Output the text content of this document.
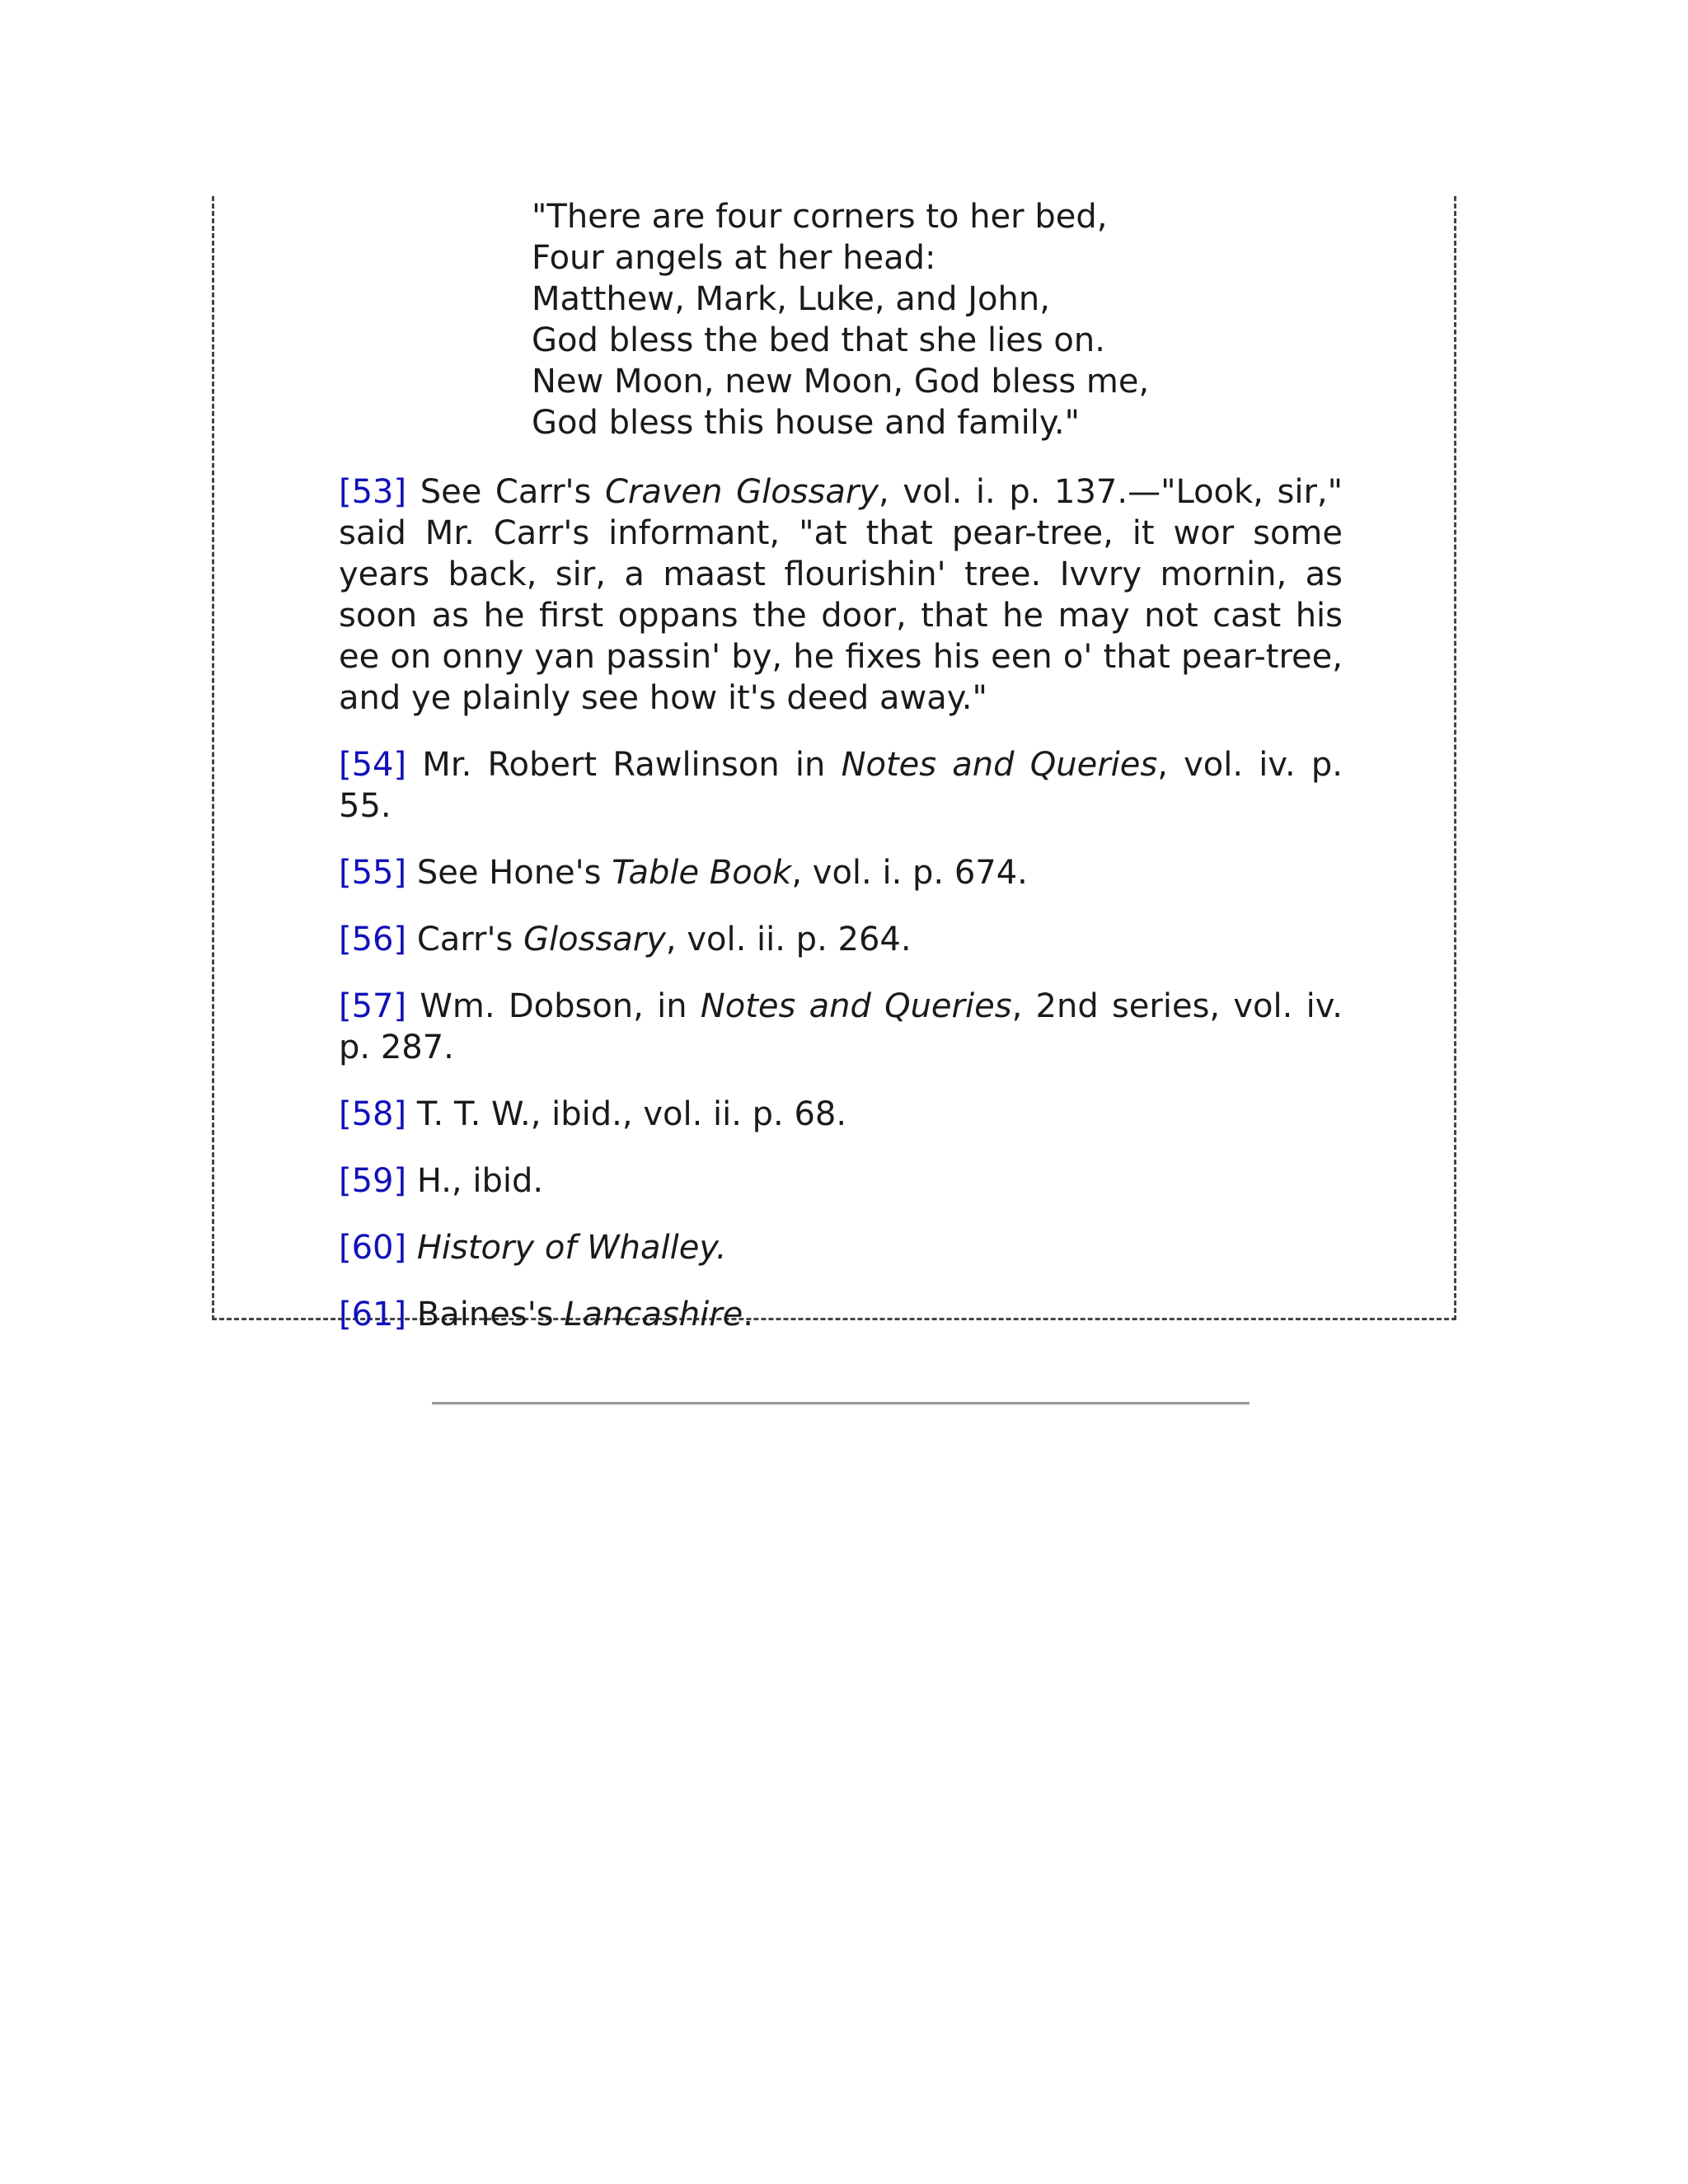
"There are four corners to her bed,
Four angels at her head:
Matthew, Mark, Luke, and John,
God bless the bed that she lies on.
New Moon, new Moon, God bless me,
God bless this house and family."

[53] See Carr's Craven Glossary, vol. i. p. 137.—"Look, sir," said Mr. Carr's informant, "at that pear-tree, it wor some years back, sir, a maast flourishin' tree. Ivvry mornin, as soon as he first oppans the door, that he may not cast his ee on onny yan passin' by, he fixes his een o' that pear-tree, and ye plainly see how it's deed away."

[54] Mr. Robert Rawlinson in Notes and Queries, vol. iv. p. 55.

[55] See Hone's Table Book, vol. i. p. 674.

[56] Carr's Glossary, vol. ii. p. 264.

[57] Wm. Dobson, in Notes and Queries, 2nd series, vol. iv. p. 287.

[58] T. T. W., ibid., vol. ii. p. 68.

[59] H., ibid.

[60] History of Whalley.

[61] Baines's Lancashire.
